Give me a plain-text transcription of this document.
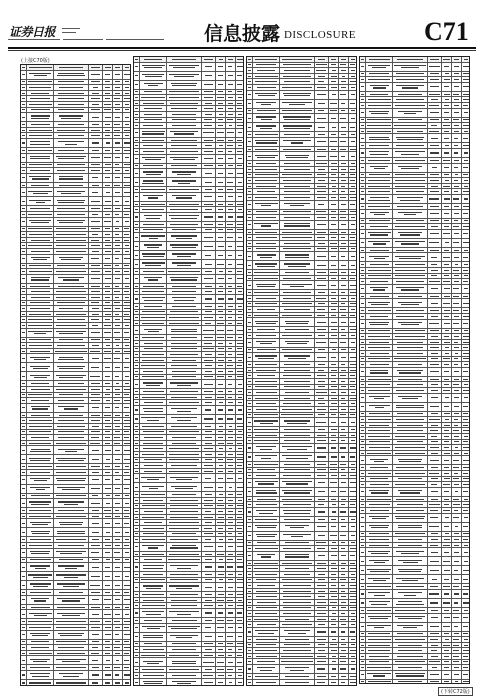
证券日报	信息披露 DISCLOSURE	C71
(上接C70版)
(下转C72版)
